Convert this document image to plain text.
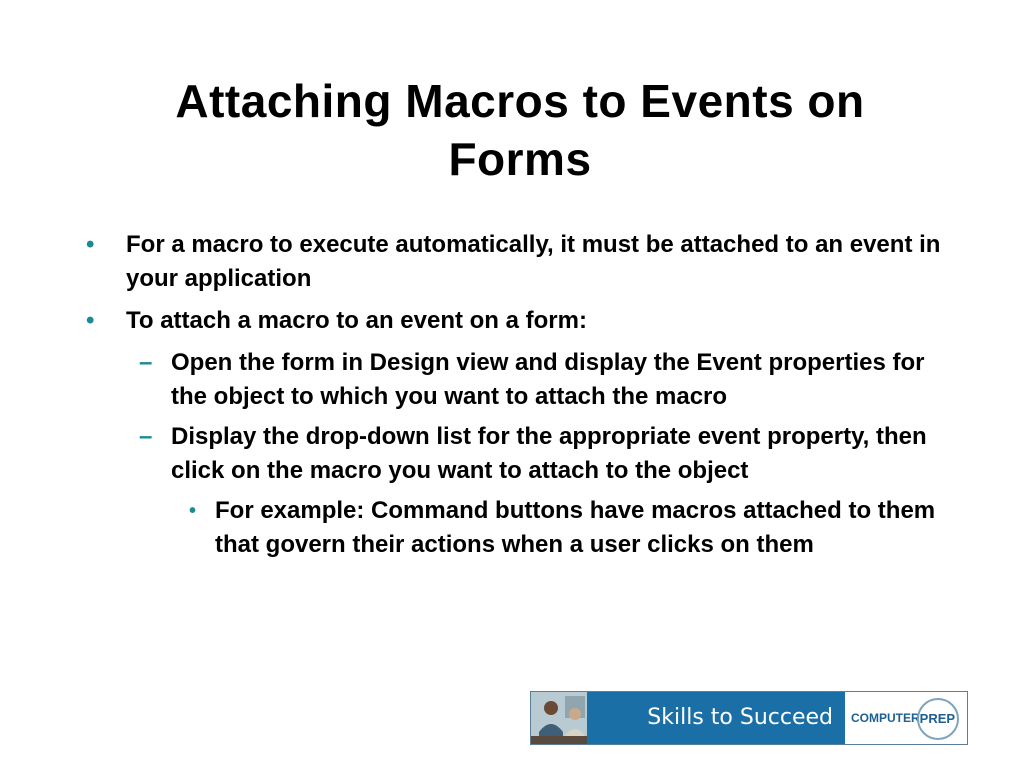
Attaching Macros to Events on
Forms
• For a macro to execute automatically, it must be attached to an event in your application
• To attach a macro to an event on a form:
– Open the form in Design view and display the Event properties for the object to which you want to attach the macro
– Display the drop-down list for the appropriate event property, then click on the macro you want to attach to the object
• For example: Command buttons have macros attached to them that govern their actions when a user clicks on them
Skills to Succeed	COMPUTER PREP
